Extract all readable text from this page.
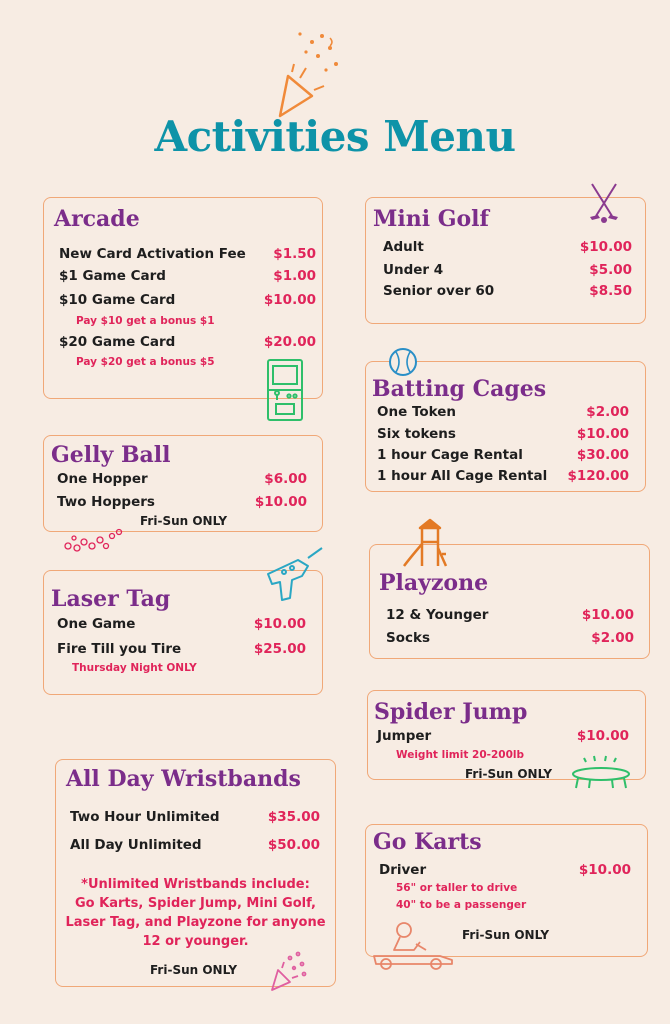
Activities Menu
Arcade
New Card Activation Fee $1.50
$1 Game Card	$1.00
$10 Game Card	$10.00
Pay $10 get a bonus $1
$20 Game Card	$20.00
Pay $20 get a bonus $5
Mini Golf
Adult	$10.00
Under 4	$5.00
Senior over 60	$8.50
Batting Cages
One Token	$2.00
Six tokens	$10.00
1 hour Cage Rental	$30.00
1 hour All Cage Rental $120.00
Gelly Ball
One Hopper	$6.00
Two Hoppers	$10.00
Fri-Sun ONLY
Playzone
12 & Younger	$10.00
Socks	$2.00
Laser Tag
One Game	$10.00
Fire Till you Tire	$25.00
Thursday Night ONLY
Spider Jump
Jumper	$10.00
Weight limit 20-200lb
Fri-Sun ONLY
All Day Wristbands
Two Hour Unlimited	$35.00
All Day Unlimited	$50.00
*Unlimited Wristbands include:
Go Karts, Spider Jump, Mini Golf,
Laser Tag, and Playzone for anyone
12 or younger.
Fri-Sun ONLY
Go Karts
Driver	$10.00
56" or taller to drive
40" to be a passenger
Fri-Sun ONLY
